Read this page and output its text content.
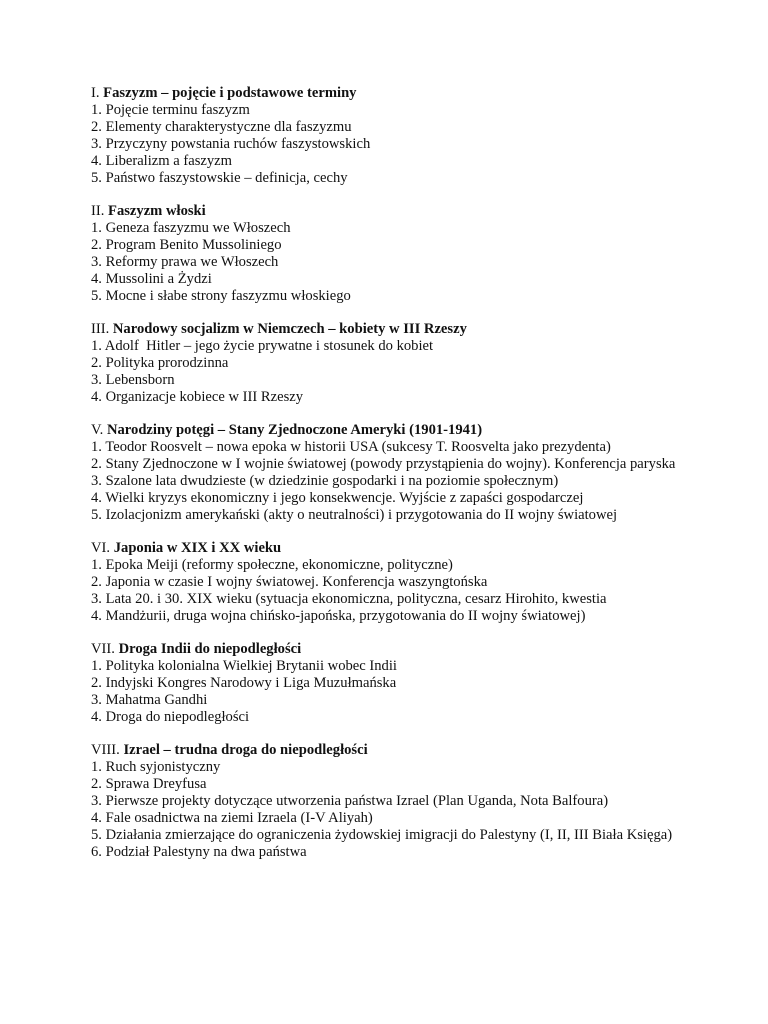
I. Faszyzm – pojęcie i podstawowe terminy
1. Pojęcie terminu faszyzm
2. Elementy charakterystyczne dla faszyzmu
3. Przyczyny powstania ruchów faszystowskich
4. Liberalizm a faszyzm
5. Państwo faszystowskie – definicja, cechy
II. Faszyzm włoski
1. Geneza faszyzmu we Włoszech
2. Program Benito Mussoliniego
3. Reformy prawa we Włoszech
4. Mussolini a Żydzi
5. Mocne i słabe strony faszyzmu włoskiego
III. Narodowy socjalizm w Niemczech – kobiety w III Rzeszy
1. Adolf  Hitler – jego życie prywatne i stosunek do kobiet
2. Polityka prorodzinna
3. Lebensborn
4. Organizacje kobiece w III Rzeszy
V. Narodziny potęgi – Stany Zjednoczone Ameryki (1901-1941)
1. Teodor Roosvelt – nowa epoka w historii USA (sukcesy T. Roosvelta jako prezydenta)
2. Stany Zjednoczone w I wojnie światowej (powody przystąpienia do wojny). Konferencja paryska
3. Szalone lata dwudzieste (w dziedzinie gospodarki i na poziomie społecznym)
4. Wielki kryzys ekonomiczny i jego konsekwencje. Wyjście z zapaści gospodarczej
5. Izolacjonizm amerykański (akty o neutralności) i przygotowania do II wojny światowej
VI. Japonia w XIX i XX wieku
1. Epoka Meiji (reformy społeczne, ekonomiczne, polityczne)
2. Japonia w czasie I wojny światowej. Konferencja waszyngtońska
3. Lata 20. i 30. XIX wieku (sytuacja ekonomiczna, polityczna, cesarz Hirohito, kwestia
4. Mandżurii, druga wojna chińsko-japońska, przygotowania do II wojny światowej)
VII. Droga Indii do niepodległości
1. Polityka kolonialna Wielkiej Brytanii wobec Indii
2. Indyjski Kongres Narodowy i Liga Muzułmańska
3. Mahatma Gandhi
4. Droga do niepodległości
VIII. Izrael – trudna droga do niepodległości
1. Ruch syjonistyczny
2. Sprawa Dreyfusa
3. Pierwsze projekty dotyczące utworzenia państwa Izrael (Plan Uganda, Nota Balfoura)
4. Fale osadnictwa na ziemi Izraela (I-V Aliyah)
5. Działania zmierzające do ograniczenia żydowskiej imigracji do Palestyny (I, II, III Biała Księga)
6. Podział Palestyny na dwa państwa
